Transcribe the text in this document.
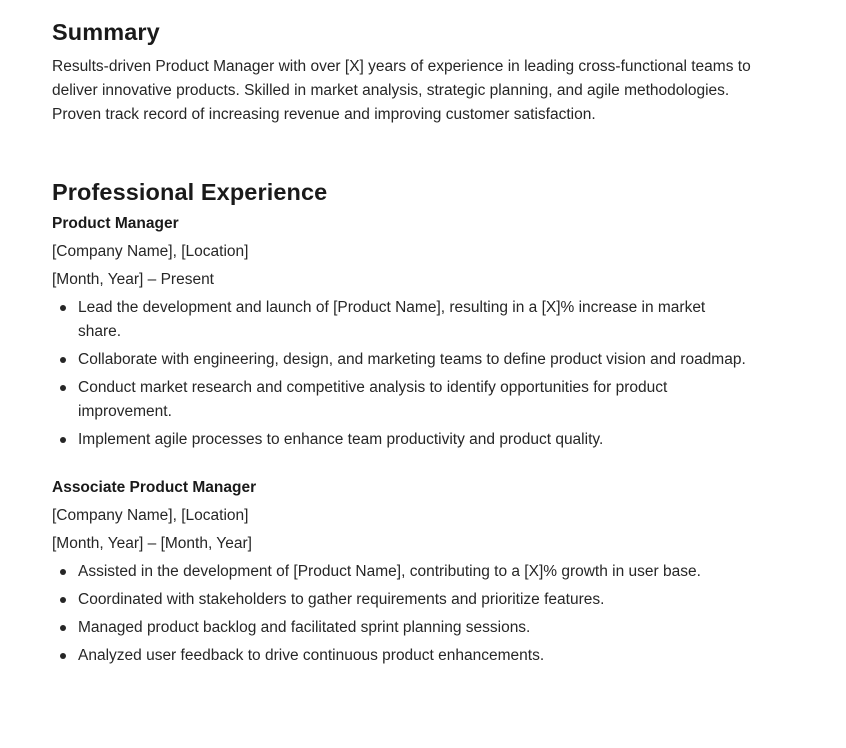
Summary

Results-driven Product Manager with over [X] years of experience in leading cross-functional teams to deliver innovative products. Skilled in market analysis, strategic planning, and agile methodologies. Proven track record of increasing revenue and improving customer satisfaction.

Professional Experience
Product Manager
[Company Name], [Location]
[Month, Year] – Present
Lead the development and launch of [Product Name], resulting in a [X]% increase in market share.
Collaborate with engineering, design, and marketing teams to define product vision and roadmap.
Conduct market research and competitive analysis to identify opportunities for product improvement.
Implement agile processes to enhance team productivity and product quality.
Associate Product Manager
[Company Name], [Location]
[Month, Year] – [Month, Year]
Assisted in the development of [Product Name], contributing to a [X]% growth in user base.
Coordinated with stakeholders to gather requirements and prioritize features.
Managed product backlog and facilitated sprint planning sessions.
Analyzed user feedback to drive continuous product enhancements.
